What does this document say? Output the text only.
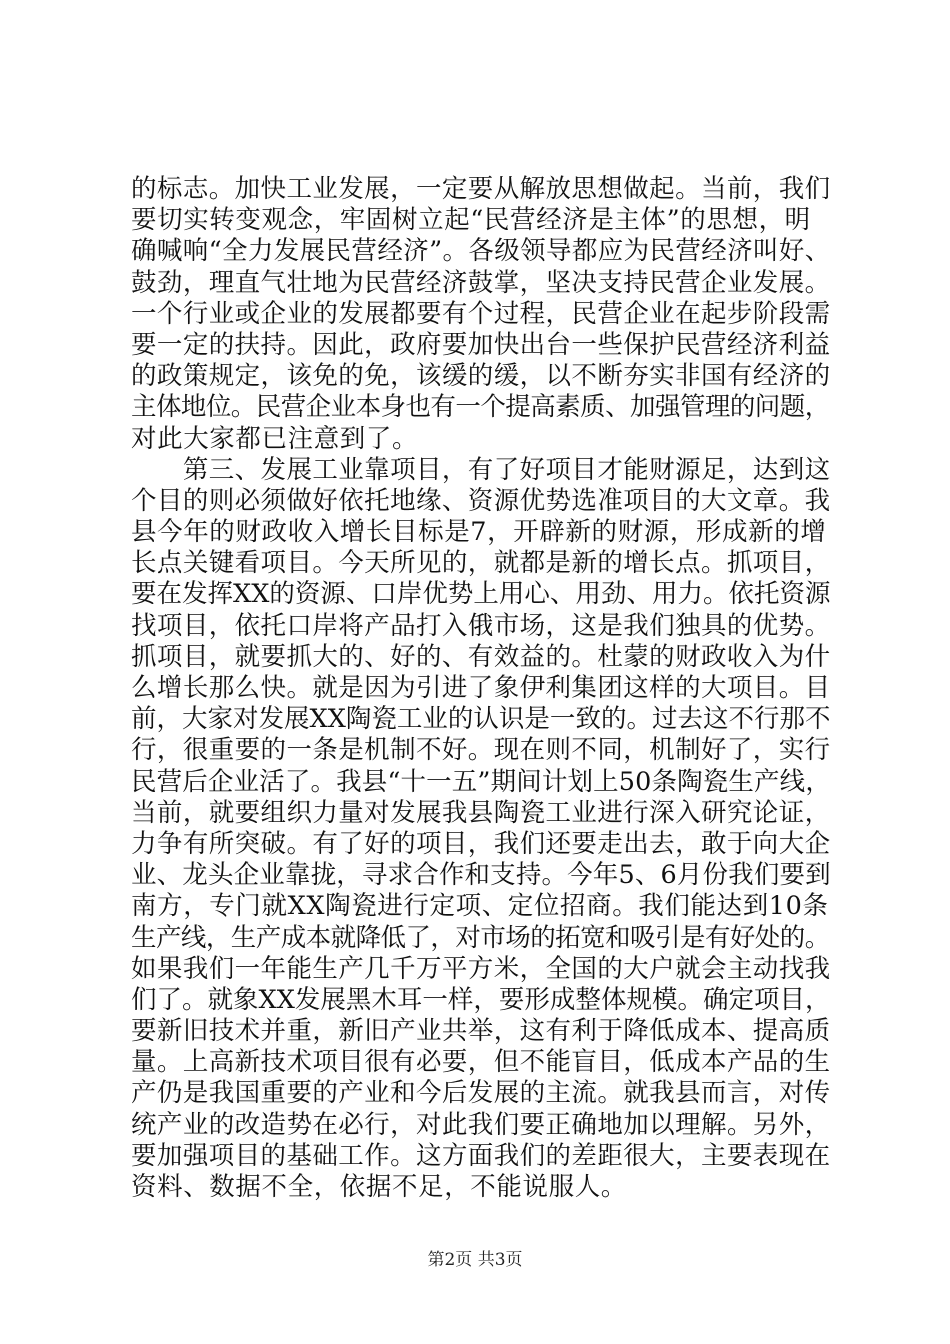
的标志。加快工业发展，一定要从解放思想做起。当前，我们
要切实转变观念，牢固树立起“民营经济是主体”的思想，明
确喊响“全力发展民营经济”。各级领导都应为民营经济叫好、
鼓劲，理直气壮地为民营经济鼓掌，坚决支持民营企业发展。
一个行业或企业的发展都要有个过程，民营企业在起步阶段需
要一定的扶持。因此，政府要加快出台一些保护民营经济利益
的政策规定，该免的免，该缓的缓，以不断夯实非国有经济的
主体地位。民营企业本身也有一个提高素质、加强管理的问题，
对此大家都已注意到了。
　　第三、发展工业靠项目，有了好项目才能财源足，达到这
个目的则必须做好依托地缘、资源优势选准项目的大文章。我
县今年的财政收入增长目标是7，开辟新的财源，形成新的增
长点关键看项目。今天所见的，就都是新的增长点。抓项目，
要在发挥XX的资源、口岸优势上用心、用劲、用力。依托资源
找项目，依托口岸将产品打入俄市场，这是我们独具的优势。
抓项目，就要抓大的、好的、有效益的。杜蒙的财政收入为什
么增长那么快。就是因为引进了象伊利集团这样的大项目。目
前，大家对发展XX陶瓷工业的认识是一致的。过去这不行那不
行，很重要的一条是机制不好。现在则不同，机制好了，实行
民营后企业活了。我县“十一五”期间计划上50条陶瓷生产线，
当前，就要组织力量对发展我县陶瓷工业进行深入研究论证，
力争有所突破。有了好的项目，我们还要走出去，敢于向大企
业、龙头企业靠拢，寻求合作和支持。今年5、6月份我们要到
南方，专门就XX陶瓷进行定项、定位招商。我们能达到10条
生产线，生产成本就降低了，对市场的拓宽和吸引是有好处的。
如果我们一年能生产几千万平方米，全国的大户就会主动找我
们了。就象XX发展黑木耳一样，要形成整体规模。确定项目，
要新旧技术并重，新旧产业共举，这有利于降低成本、提高质
量。上高新技术项目很有必要，但不能盲目，低成本产品的生
产仍是我国重要的产业和今后发展的主流。就我县而言，对传
统产业的改造势在必行，对此我们要正确地加以理解。另外，
要加强项目的基础工作。这方面我们的差距很大，主要表现在
资料、数据不全，依据不足，不能说服人。
第2页 共3页
